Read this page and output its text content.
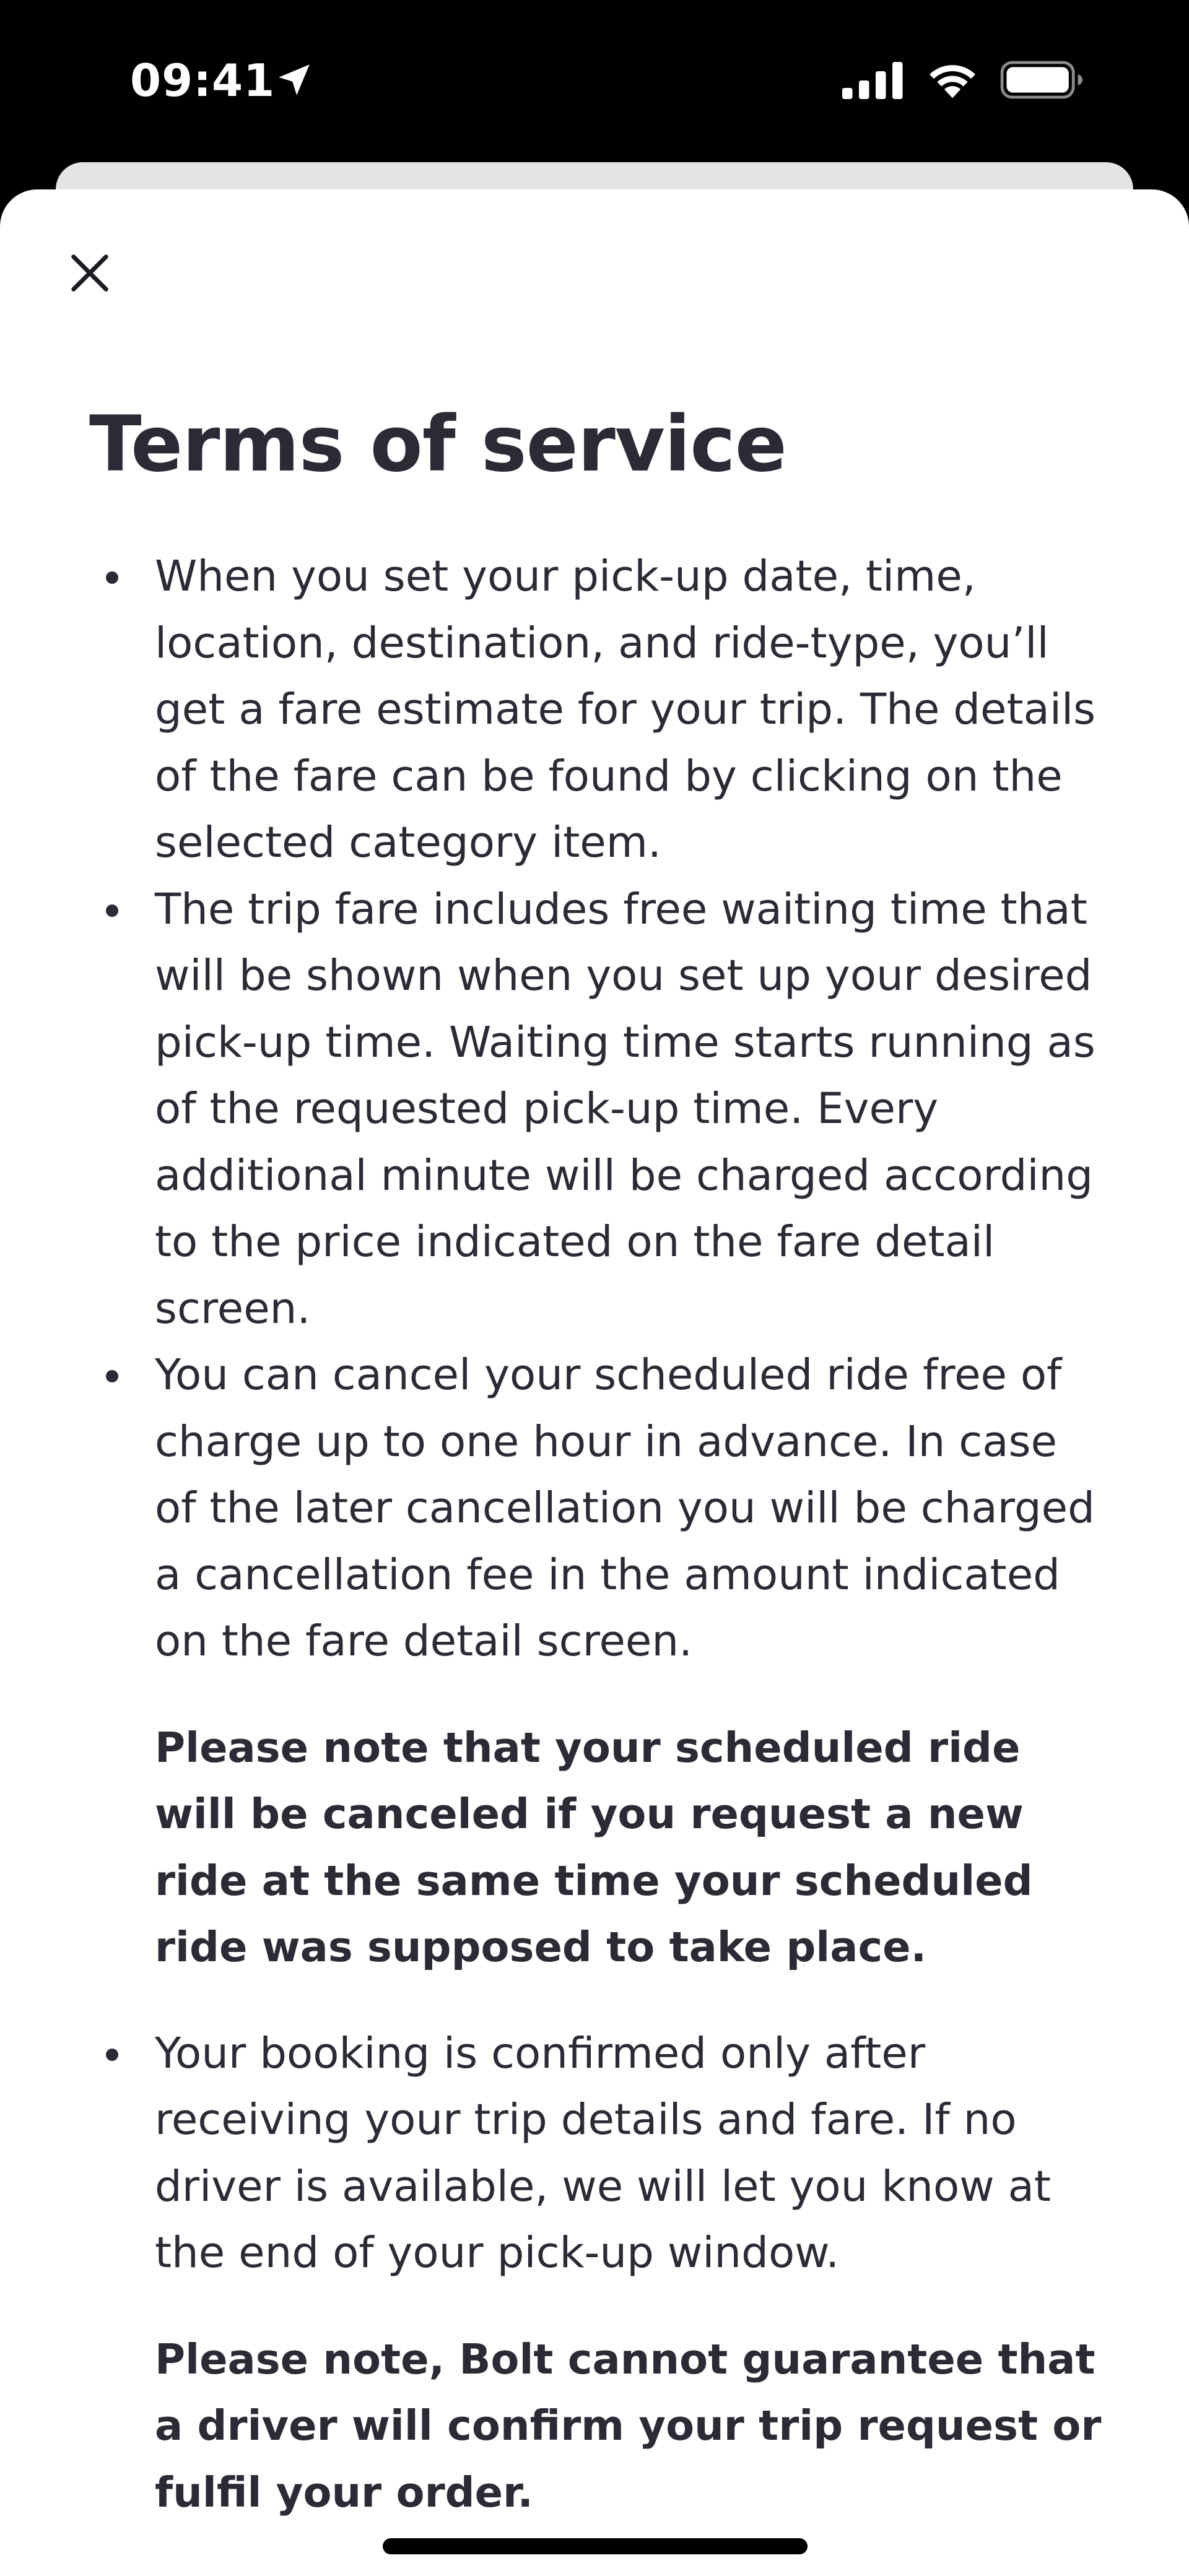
09:41
Terms of service
When you set your pick-up date, time, location, destination, and ride-type, you’ll get a fare estimate for your trip. The details of the fare can be found by clicking on the selected category item.
The trip fare includes free waiting time that will be shown when you set up your desired pick-up time. Waiting time starts running as of the requested pick-up time. Every additional minute will be charged according to the price indicated on the fare detail screen.
You can cancel your scheduled ride free of charge up to one hour in advance. In case of the later cancellation you will be charged a cancellation fee in the amount indicated on the fare detail screen.

Please note that your scheduled ride will be canceled if you request a new ride at the same time your scheduled ride was supposed to take place.

Your booking is confirmed only after receiving your trip details and fare. If no driver is available, we will let you know at the end of your pick-up window.

Please note, Bolt cannot guarantee that a driver will confirm your trip request or fulfil your order.
